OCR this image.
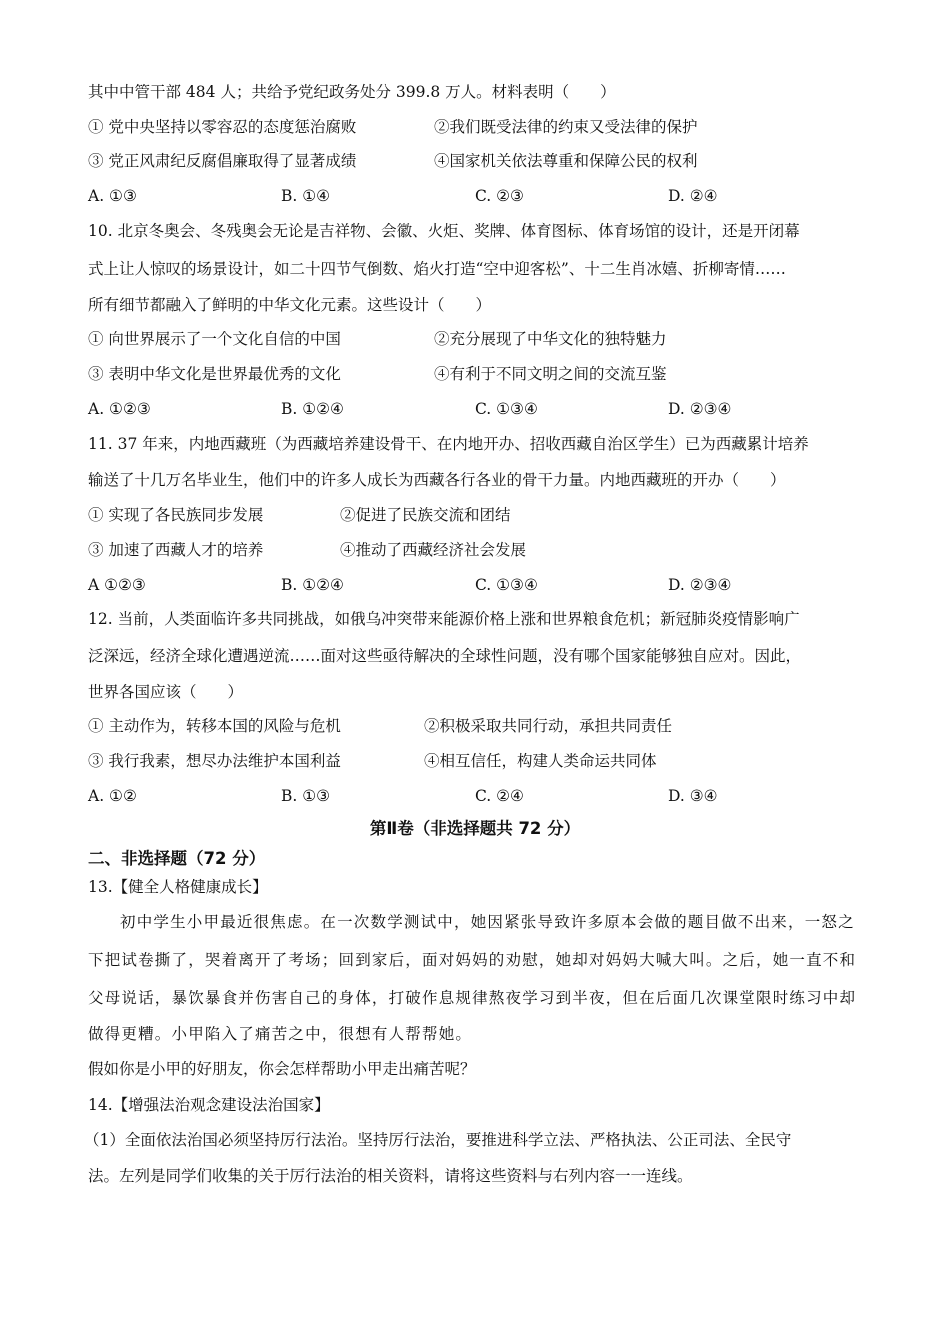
其中中管干部 484 人；共给予党纪政务处分 399.8 万人。材料表明（　　）
① 党中央坚持以零容忍的态度惩治腐败	②我们既受法律的约束又受法律的保护
③ 党正风肃纪反腐倡廉取得了显著成绩	④国家机关依法尊重和保障公民的权利
A. ①③	B. ①④	C. ②③	D. ②④
10. 北京冬奥会、冬残奥会无论是吉祥物、会徽、火炬、奖牌、体育图标、体育场馆的设计，还是开闭幕
式上让人惊叹的场景设计，如二十四节气倒数、焰火打造“空中迎客松”、十二生肖冰嬉、折柳寄情……
所有细节都融入了鲜明的中华文化元素。这些设计（　　）
① 向世界展示了一个文化自信的中国	②充分展现了中华文化的独特魅力
③ 表明中华文化是世界最优秀的文化	④有利于不同文明之间的交流互鉴
A. ①②③	B. ①②④	C. ①③④	D. ②③④
11. 37 年来，内地西藏班（为西藏培养建设骨干、在内地开办、招收西藏自治区学生）已为西藏累计培养
输送了十几万名毕业生，他们中的许多人成长为西藏各行各业的骨干力量。内地西藏班的开办（　　）
① 实现了各民族同步发展	②促进了民族交流和团结
③ 加速了西藏人才的培养	④推动了西藏经济社会发展
A ①②③	B. ①②④	C. ①③④	D. ②③④
12. 当前，人类面临许多共同挑战，如俄乌冲突带来能源价格上涨和世界粮食危机；新冠肺炎疫情影响广
泛深远，经济全球化遭遇逆流……面对这些亟待解决的全球性问题，没有哪个国家能够独自应对。因此，
世界各国应该（　　）
① 主动作为，转移本国的风险与危机	②积极采取共同行动，承担共同责任
③ 我行我素，想尽办法维护本国利益	④相互信任，构建人类命运共同体
A. ①②	B. ①③	C. ②④	D. ③④
第Ⅱ卷（非选择题共 72 分）
二、非选择题（72 分）
13.【健全人格健康成长】
初中学生小甲最近很焦虑。在一次数学测试中，她因紧张导致许多原本会做的题目做不出来，一怒之
下把试卷撕了，哭着离开了考场；回到家后，面对妈妈的劝慰，她却对妈妈大喊大叫。之后，她一直不和
父母说话，暴饮暴食并伤害自己的身体，打破作息规律熬夜学习到半夜，但在后面几次课堂限时练习中却
做得更糟。小甲陷入了痛苦之中，很想有人帮帮她。
假如你是小甲的好朋友，你会怎样帮助小甲走出痛苦呢？
14.【增强法治观念建设法治国家】
（1）全面依法治国必须坚持厉行法治。坚持厉行法治，要推进科学立法、严格执法、公正司法、全民守
法。左列是同学们收集的关于厉行法治的相关资料，请将这些资料与右列内容一一连线。
